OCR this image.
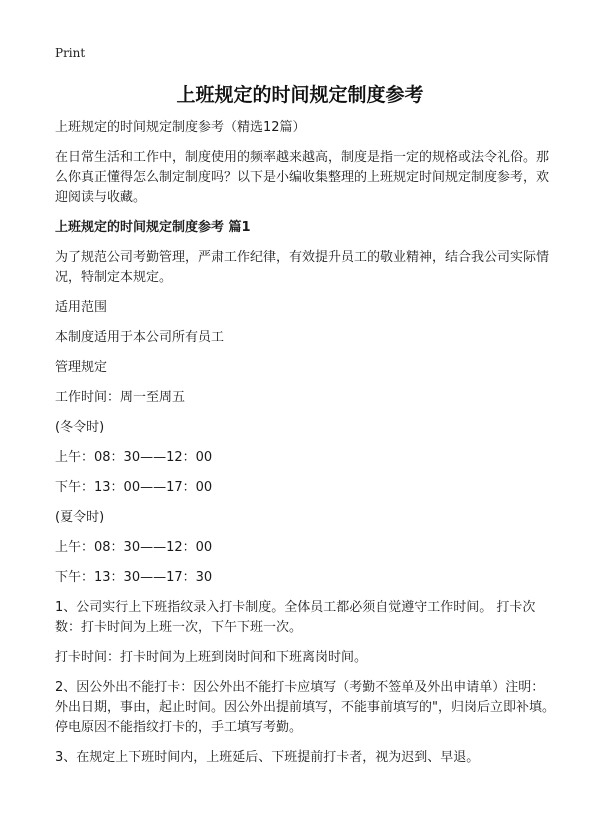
Print
上班规定的时间规定制度参考

上班规定的时间规定制度参考（精选12篇）

在日常生活和工作中，制度使用的频率越来越高，制度是指一定的规格或法令礼俗。那么你真正懂得怎么制定制度吗？以下是小编收集整理的上班规定时间规定制度参考，欢迎阅读与收藏。

上班规定的时间规定制度参考 篇1

为了规范公司考勤管理，严肃工作纪律，有效提升员工的敬业精神，结合我公司实际情况，特制定本规定。

适用范围

本制度适用于本公司所有员工

管理规定

工作时间：周一至周五

(冬令时)

上午：08：30——12：00

下午：13：00——17：00

(夏令时)

上午：08：30——12：00

下午：13：30——17：30

1、公司实行上下班指纹录入打卡制度。全体员工都必须自觉遵守工作时间。 打卡次数：打卡时间为上班一次，下午下班一次。

打卡时间：打卡时间为上班到岗时间和下班离岗时间。

2、因公外出不能打卡：因公外出不能打卡应填写（考勤不签单及外出申请单）注明：外出日期，事由，起止时间。因公外出提前填写，不能事前填写的"，归岗后立即补填。停电原因不能指纹打卡的，手工填写考勤。

3、在规定上下班时间内，上班延后、下班提前打卡者，视为迟到、早退。
